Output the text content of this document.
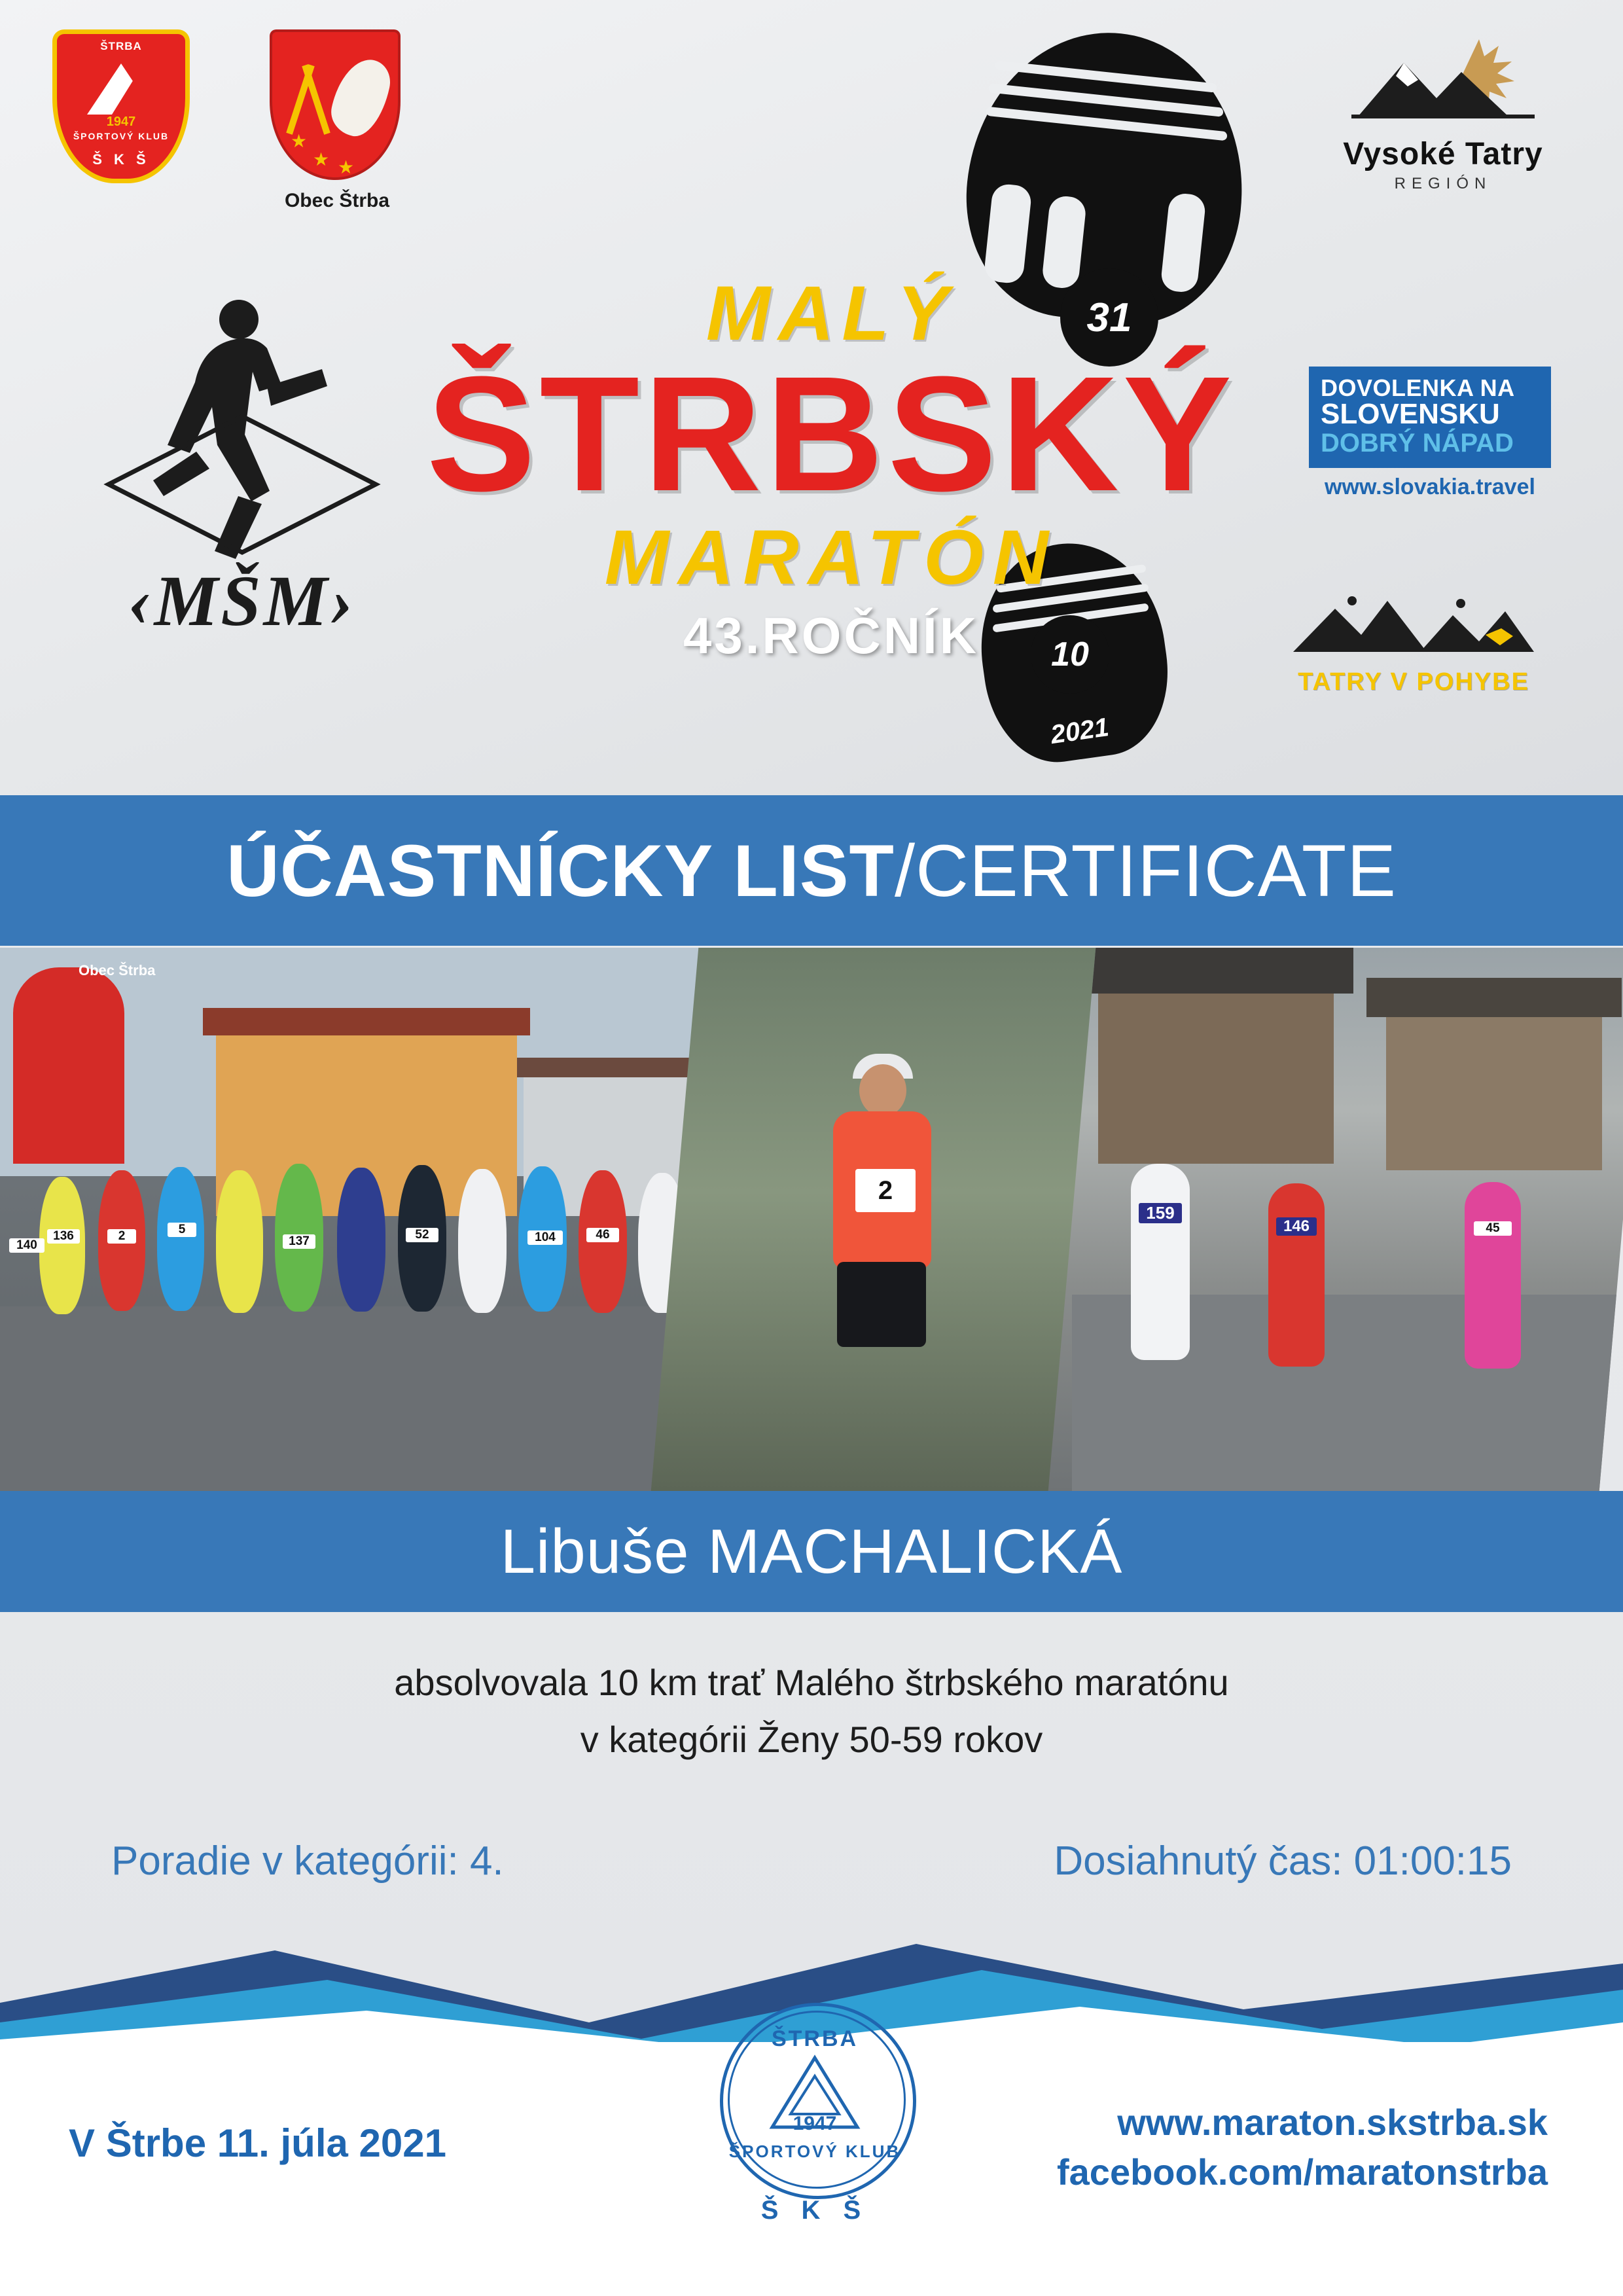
ŠTRBA
1947
ŠPORTOVÝ KLUB
Š K Š
★
★ ★
Obec Štrba
‹MŠM›
31
10
2021
MALÝ
ŠTRBSKÝ
MARATÓN
43.ROČNÍK
Vysoké Tatry
REGIÓN
DOVOLENKA NA
SLOVENSKU
DOBRÝ NÁPAD
www.slovakia.travel
TATRY V POHYBE
ÚČASTNÍCKY LIST / CERTIFICATE
Obec Štrba
136	2	5
137	52	104	46
140
2
159
146	45
Libuše MACHALICKÁ
absolvovala 10 km trať Malého štrbského maratónu
v kategórii Ženy 50-59 rokov
Poradie v kategórii: 4.	Dosiahnutý čas: 01:00:15
V Štrbe 11. júla 2021
ŠTRBA
1947
ŠPORTOVÝ KLUB
Š K Š
www.maraton.skstrba.sk
facebook.com/maratonstrba
